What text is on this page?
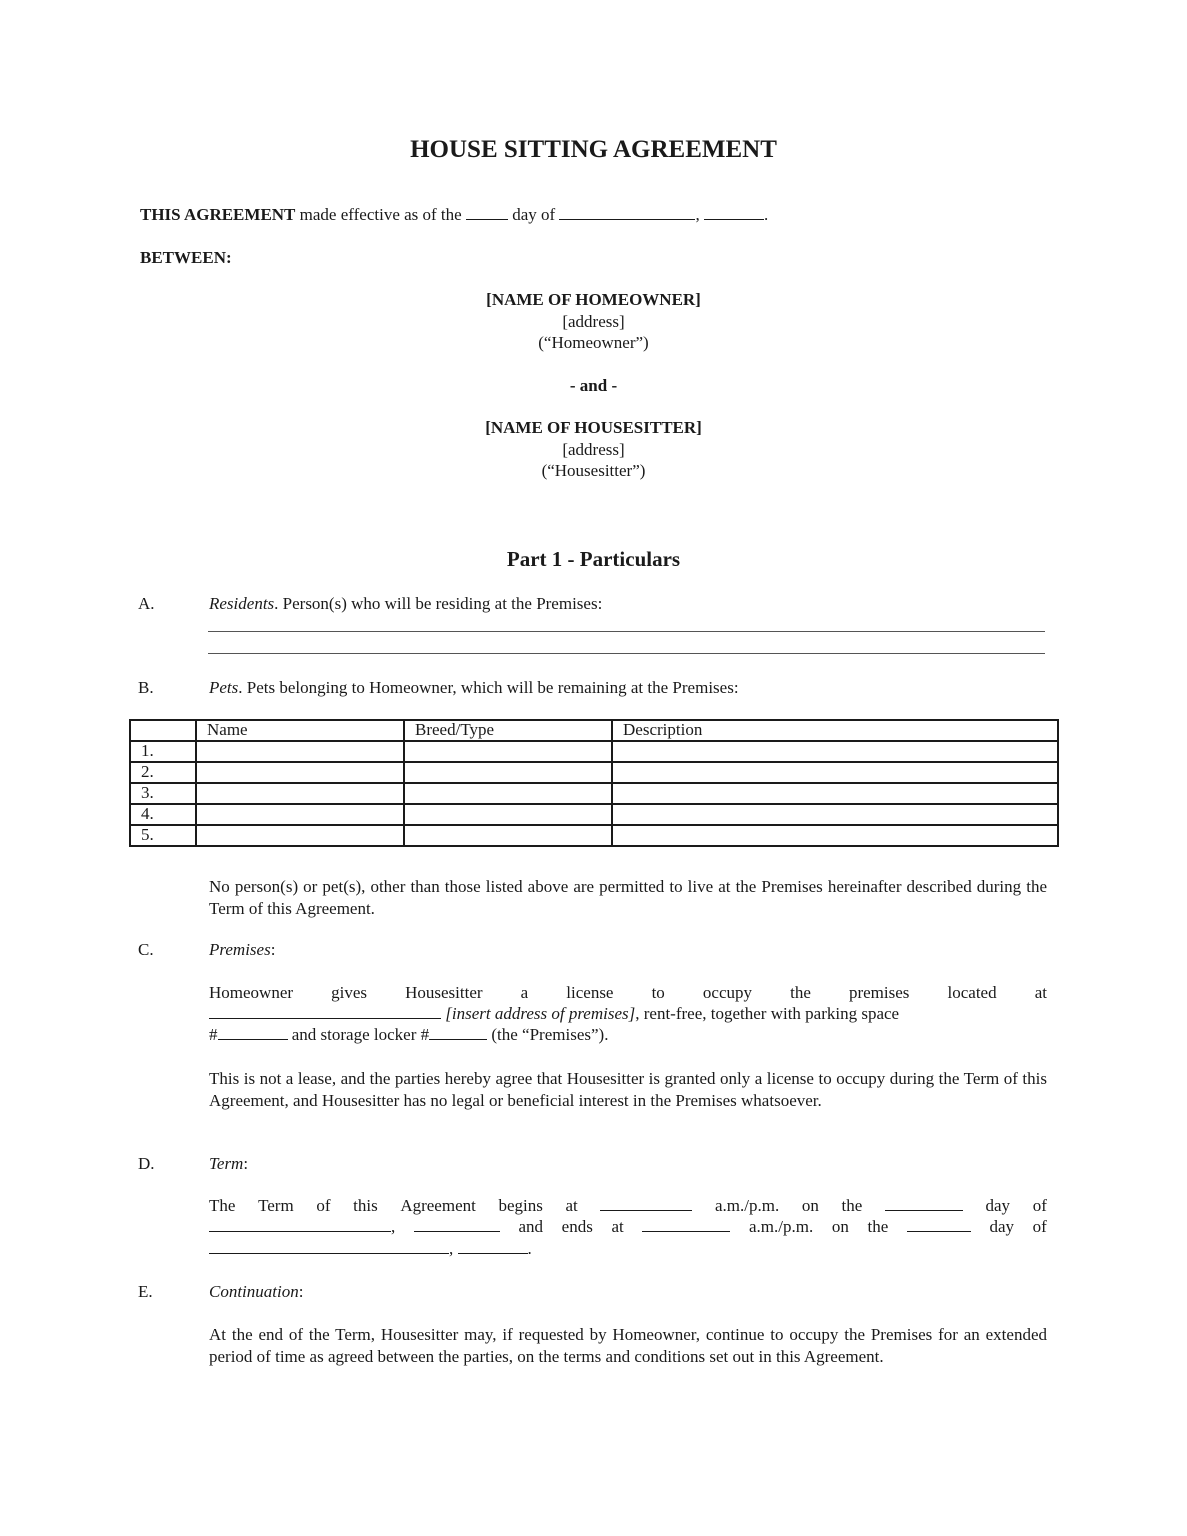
HOUSE SITTING AGREEMENT
THIS AGREEMENT made effective as of the  day of	,	.
BETWEEN:
[NAME OF HOMEOWNER]
[address]
(“Homeowner”)
- and -
[NAME OF HOUSESITTER]
[address]
(“Housesitter”)
Part 1 - Particulars
A.	Residents. Person(s) who will be residing at the Premises:
B.	Pets. Pets belonging to Homeowner, which will be remaining at the Premises:
	Name	Breed/Type	Description
1.			
2.			
3.			
4.			
5.			
No person(s) or pet(s), other than those listed above are permitted to live at the Premises hereinafter described during the Term of this Agreement.
C.	Premises:
Homeowner gives Housesitter a license to occupy the premises located at
[insert address of premises], rent-free, together with parking space
#	and storage locker #	(the “Premises”).
This is not a lease, and the parties hereby agree that Housesitter is granted only a license to occupy during the Term of this Agreement, and Housesitter has no legal or beneficial interest in the Premises whatsoever.
D.	Term:
The Term of this Agreement begins at	a.m./p.m. on the	day of
,	and ends at	a.m./p.m. on the	day of
,	.
E.	Continuation:
At the end of the Term, Housesitter may, if requested by Homeowner, continue to occupy the Premises for an extended period of time as agreed between the parties, on the terms and conditions set out in this Agreement.
